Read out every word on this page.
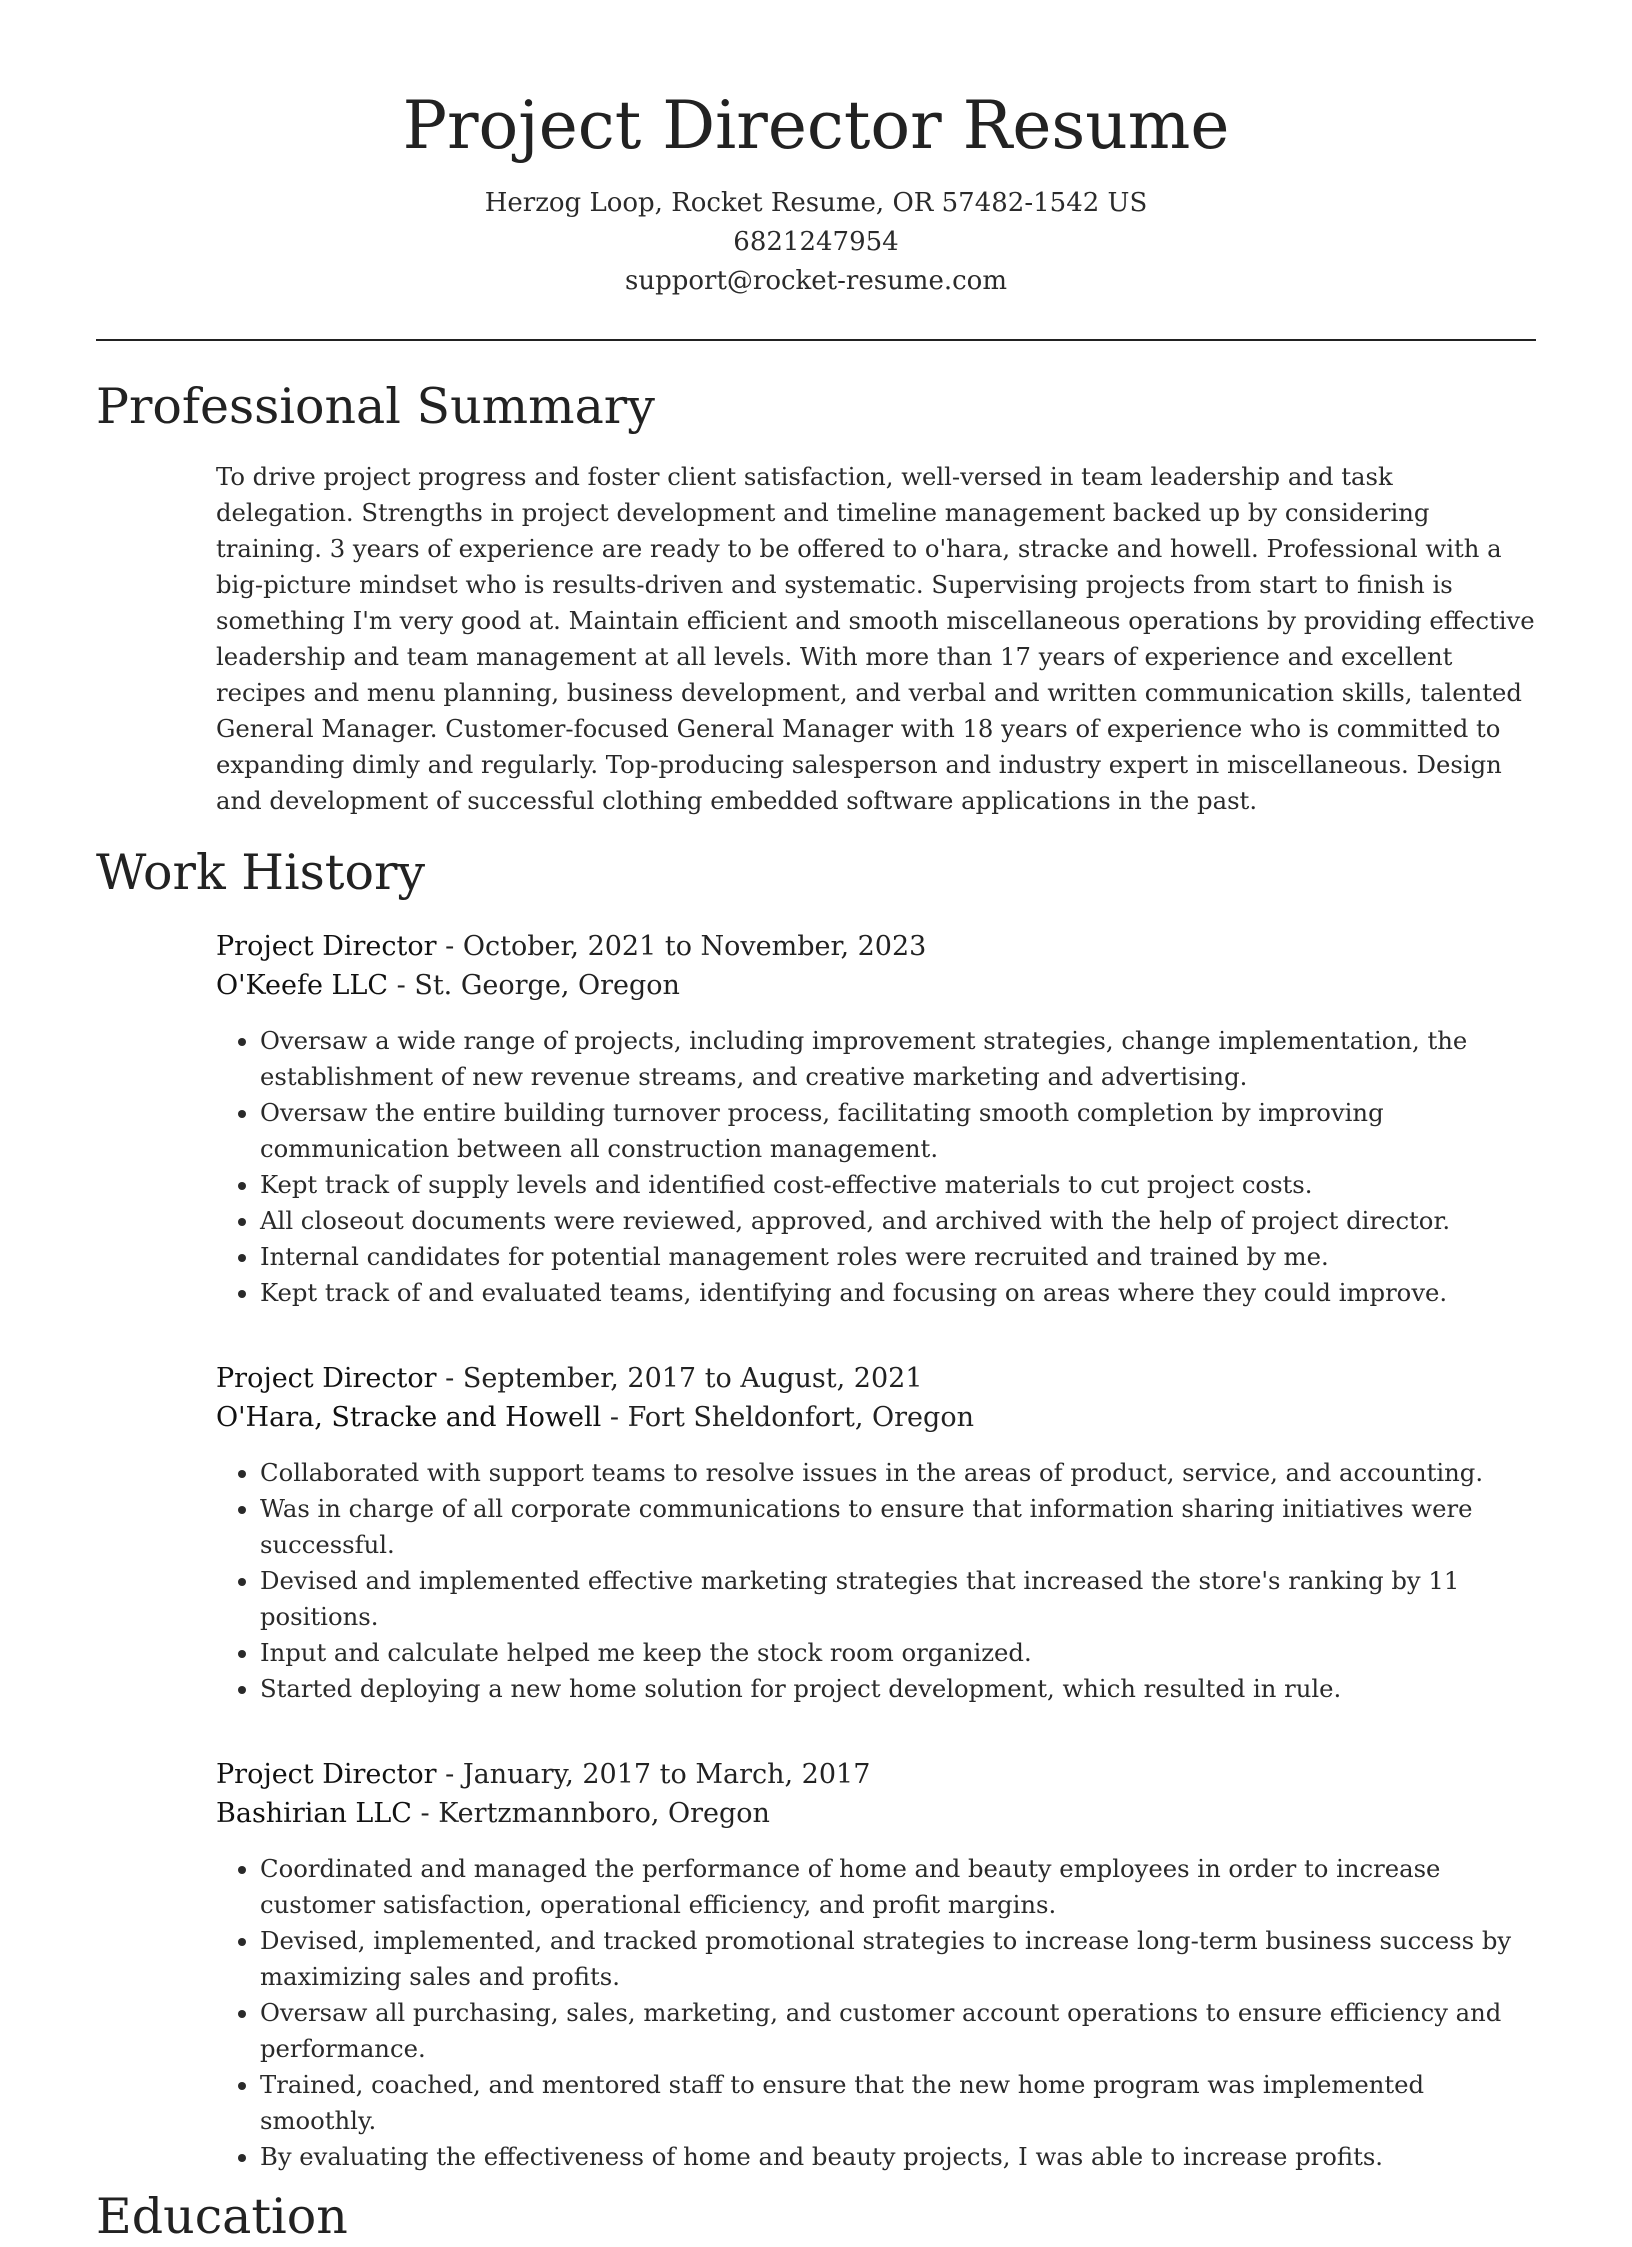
Project Director Resume
Herzog Loop, Rocket Resume, OR 57482-1542 US
6821247954
support@rocket-resume.com
Professional Summary

To drive project progress and foster client satisfaction, well-versed in team leadership and task delegation. Strengths in project development and timeline management backed up by considering training. 3 years of experience are ready to be offered to o'hara, stracke and howell. Professional with a big-picture mindset who is results-driven and systematic. Supervising projects from start to finish is something I'm very good at. Maintain efficient and smooth miscellaneous operations by providing effective leadership and team management at all levels. With more than 17 years of experience and excellent recipes and menu planning, business development, and verbal and written communication skills, talented General Manager. Customer-focused General Manager with 18 years of experience who is committed to expanding dimly and regularly. Top-producing salesperson and industry expert in miscellaneous. Design and development of successful clothing embedded software applications in the past.

Work History
Project Director - October, 2021 to November, 2023
O'Keefe LLC - St. George, Oregon
• Oversaw a wide range of projects, including improvement strategies, change implementation, the establishment of new revenue streams, and creative marketing and advertising.
• Oversaw the entire building turnover process, facilitating smooth completion by improving communication between all construction management.
• Kept track of supply levels and identified cost-effective materials to cut project costs.
• All closeout documents were reviewed, approved, and archived with the help of project director.
• Internal candidates for potential management roles were recruited and trained by me.
• Kept track of and evaluated teams, identifying and focusing on areas where they could improve.
Project Director - September, 2017 to August, 2021
O'Hara, Stracke and Howell - Fort Sheldonfort, Oregon
• Collaborated with support teams to resolve issues in the areas of product, service, and accounting.
• Was in charge of all corporate communications to ensure that information sharing initiatives were successful.
• Devised and implemented effective marketing strategies that increased the store's ranking by 11 positions.
• Input and calculate helped me keep the stock room organized.
• Started deploying a new home solution for project development, which resulted in rule.
Project Director - January, 2017 to March, 2017
Bashirian LLC - Kertzmannboro, Oregon
• Coordinated and managed the performance of home and beauty employees in order to increase customer satisfaction, operational efficiency, and profit margins.
• Devised, implemented, and tracked promotional strategies to increase long-term business success by maximizing sales and profits.
• Oversaw all purchasing, sales, marketing, and customer account operations to ensure efficiency and performance.
• Trained, coached, and mentored staff to ensure that the new home program was implemented smoothly.
• By evaluating the effectiveness of home and beauty projects, I was able to increase profits.
Education
